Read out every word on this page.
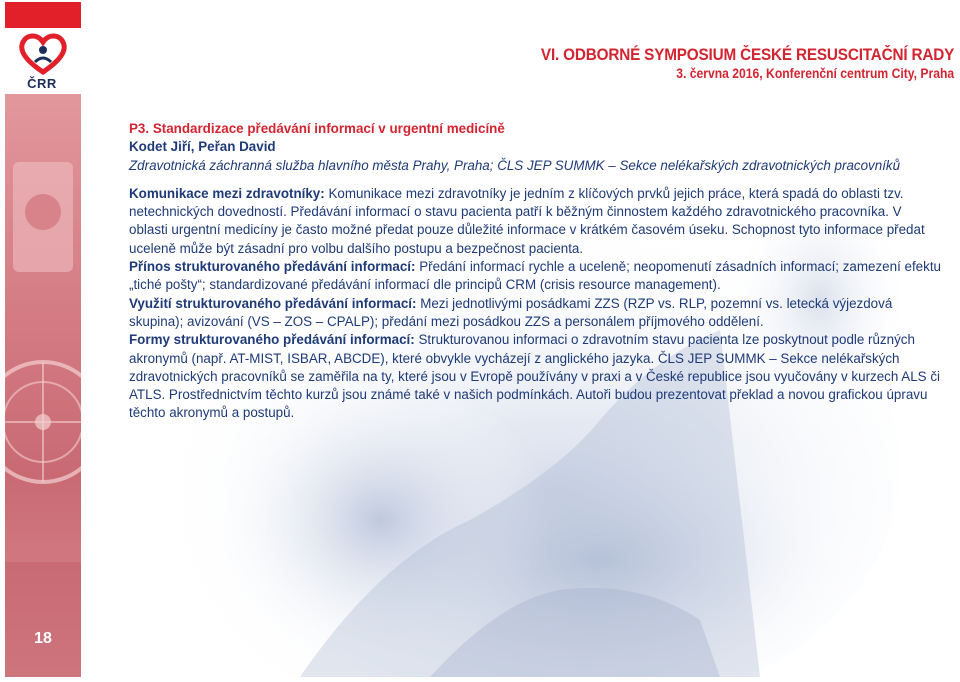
ČRR
VI. ODBORNÉ SYMPOSIUM ČESKÉ RESUSCITAČNÍ RADY
3. června 2016, Konferenční centrum City, Praha
P3. Standardizace předávání informací v urgentní medicíně
Kodet Jiří, Peřan David
Zdravotnická záchranná služba hlavního města Prahy, Praha; ČLS JEP SUMMK – Sekce nelékařských zdravotnických pracovníků

Komunikace mezi zdravotníky: Komunikace mezi zdravotníky je jedním z klíčových prvků jejich práce, která spadá do oblasti tzv. netechnických dovedností. Předávání informací o stavu pacienta patří k běžným činnostem každého zdravotnického pracovníka. V oblasti urgentní medicíny je často možné předat pouze důležité informace v krátkém časovém úseku. Schopnost tyto informace předat uceleně může být zásadní pro volbu dalšího postupu a bezpečnost pacienta.

Přínos strukturovaného předávání informací: Předání informací rychle a uceleně; neopomenutí zásadních informací; zamezení efektu „tiché pošty“; standardizované předávání informací dle principů CRM (crisis resource management).

Využití strukturovaného předávání informací: Mezi jednotlivými posádkami ZZS (RZP vs. RLP, pozemní vs. letecká výjezdová skupina); avizování (VS – ZOS – CPALP); předání mezi posádkou ZZS a personálem příjmového oddělení.

Formy strukturovaného předávání informací: Strukturovanou informaci o zdravotním stavu pacienta lze poskytnout podle různých akronymů (např. AT-MIST, ISBAR, ABCDE), které obvykle vycházejí z anglického jazyka. ČLS JEP SUMMK – Sekce nelékařských zdravotnických pracovníků se zaměřila na ty, které jsou v Evropě používány v praxi a v České republice jsou vyučovány v kurzech ALS či ATLS. Prostřednictvím těchto kurzů jsou známé také v našich podmínkách. Autoři budou prezentovat překlad a novou grafickou úpravu těchto akronymů a postupů.

18
